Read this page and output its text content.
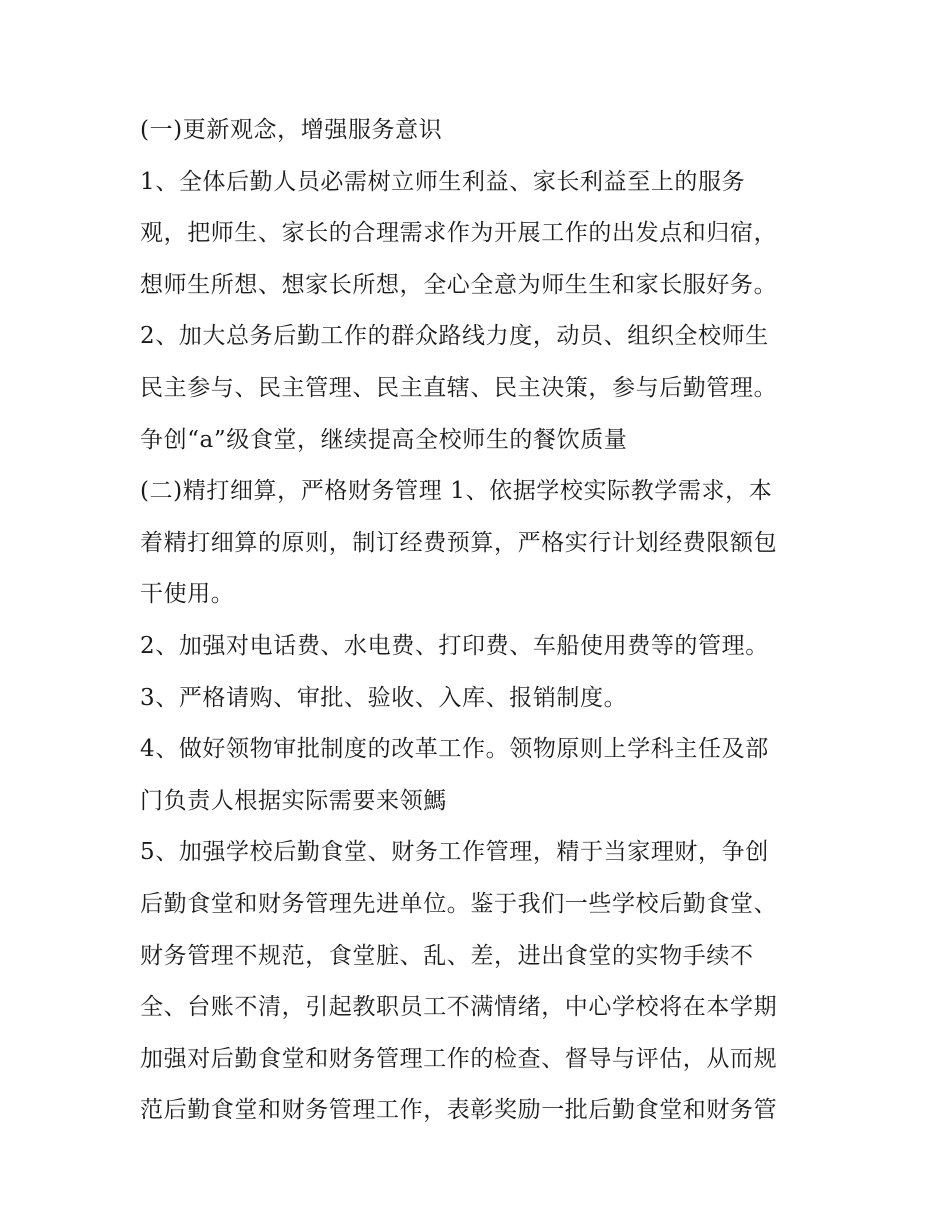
(一)更新观念，增强服务意识
1、全体后勤人员必需树立师生利益、家长利益至上的服务
观，把师生、家长的合理需求作为开展工作的出发点和归宿，
想师生所想、想家长所想，全心全意为师生生和家长服好务。
2、加大总务后勤工作的群众路线力度，动员、组织全校师生
民主参与、民主管理、民主直辖、民主决策，参与后勤管理。
争创“a”级食堂，继续提高全校师生的餐饮质量
(二)精打细算，严格财务管理 1、依据学校实际教学需求，本
着精打细算的原则，制订经费预算，严格实行计划经费限额包
干使用。
2、加强对电话费、水电费、打印费、车船使用费等的管理。
3、严格请购、审批、验收、入库、报销制度。
4、做好领物审批制度的改革工作。领物原则上学科主任及部
门负责人根据实际需要来领鰢
5、加强学校后勤食堂、财务工作管理，精于当家理财，争创
后勤食堂和财务管理先进单位。鉴于我们一些学校后勤食堂、
财务管理不规范，食堂脏、乱、差，进出食堂的实物手续不
全、台账不清，引起教职员工不满情绪，中心学校将在本学期
加强对后勤食堂和财务管理工作的检查、督导与评估，从而规
范后勤食堂和财务管理工作，表彰奖励一批后勤食堂和财务管
